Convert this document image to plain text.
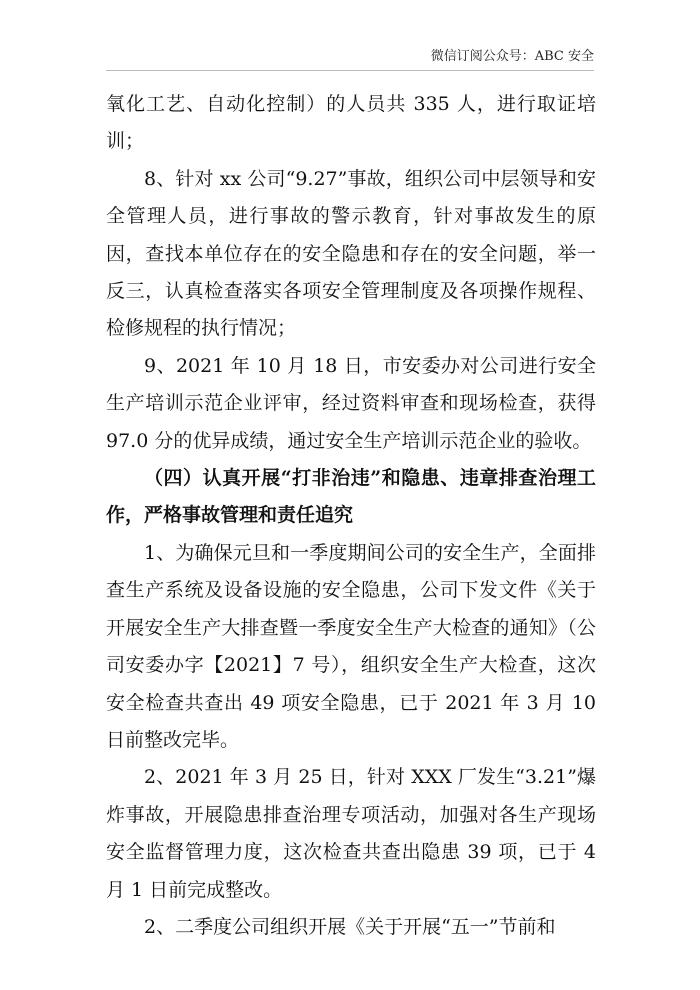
微信订阅公众号：ABC 安全

氧化工艺、自动化控制）的人员共 335 人，进行取证培训；

8、针对 xx 公司“9.27”事故，组织公司中层领导和安全管理人员，进行事故的警示教育，针对事故发生的原因，查找本单位存在的安全隐患和存在的安全问题，举一反三，认真检查落实各项安全管理制度及各项操作规程、检修规程的执行情况；

9、2021 年 10 月 18 日，市安委办对公司进行安全生产培训示范企业评审，经过资料审查和现场检查，获得 97.0 分的优异成绩，通过安全生产培训示范企业的验收。

（四）认真开展“打非治违”和隐患、违章排查治理工作，严格事故管理和责任追究

1、为确保元旦和一季度期间公司的安全生产，全面排查生产系统及设备设施的安全隐患，公司下发文件《关于开展安全生产大排查暨一季度安全生产大检查的通知》（公司安委办字【2021】7 号），组织安全生产大检查，这次安全检查共查出 49 项安全隐患，已于 2021 年 3 月 10 日前整改完毕。

2、2021 年 3 月 25 日，针对 XXX 厂发生“3.21”爆炸事故，开展隐患排查治理专项活动，加强对各生产现场安全监督管理力度，这次检查共查出隐患 39 项，已于 4 月 1 日前完成整改。

2、二季度公司组织开展《关于开展“五一”节前和
